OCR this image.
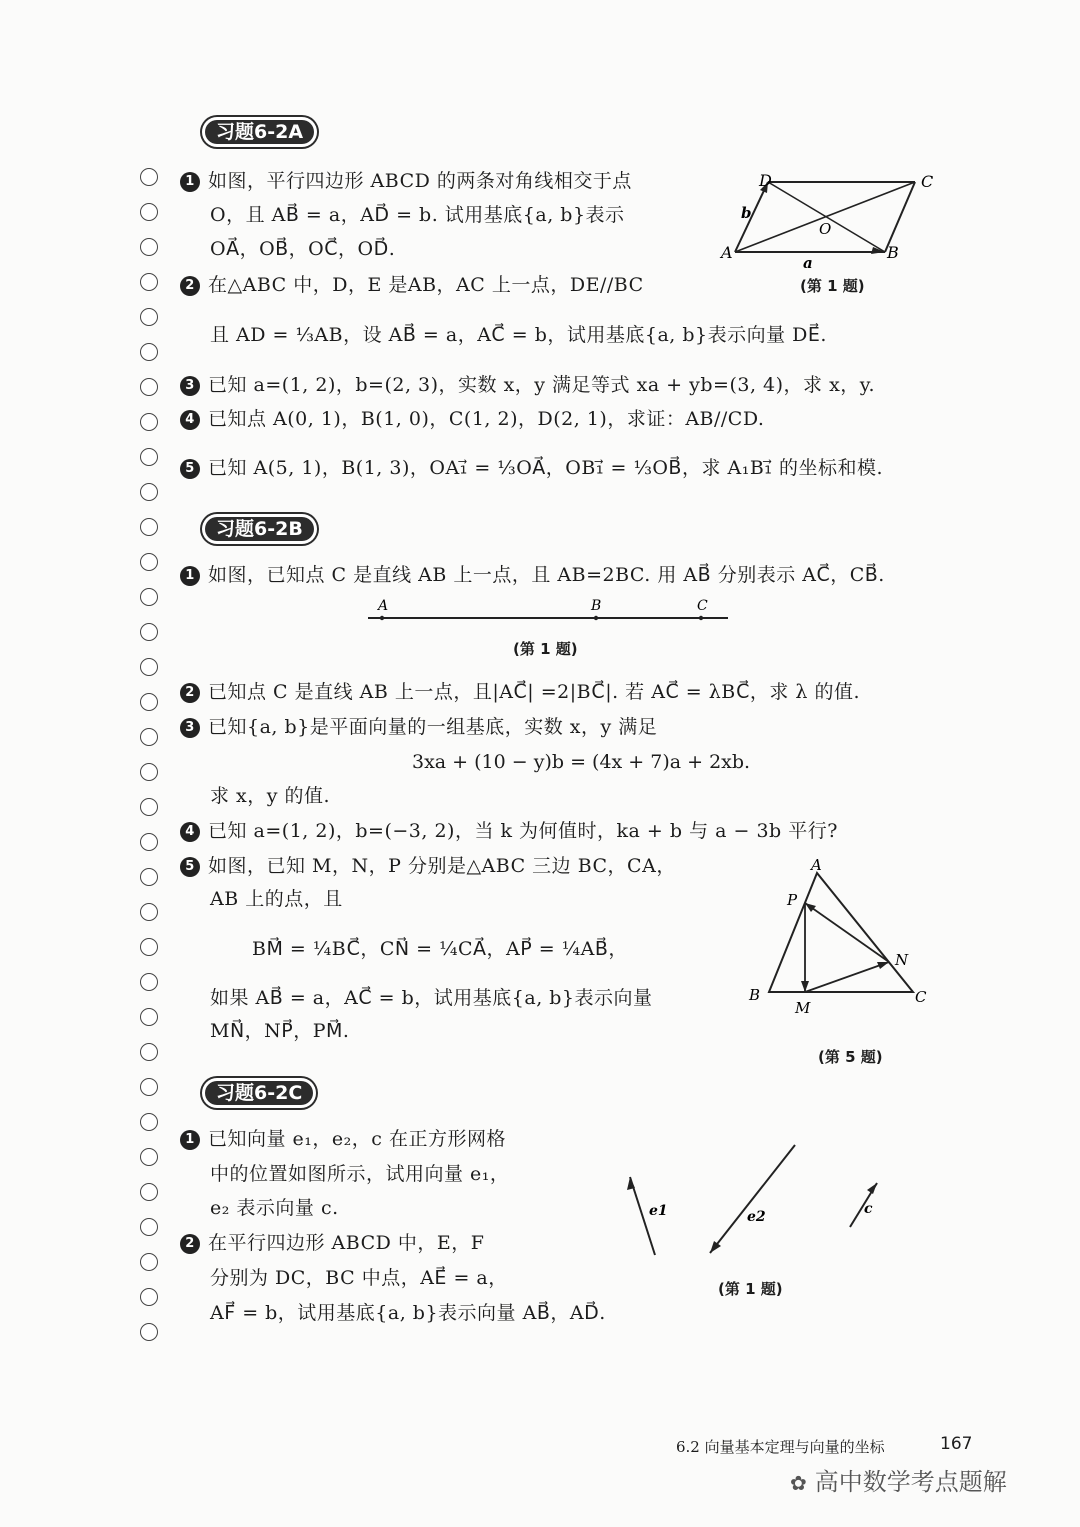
习题6-2A
1 如图，平行四边形 ABCD 的两条对角线相交于点
O，且 AB⃗ = a，AD⃗ = b. 试用基底{a, b}表示
OA⃗，OB⃗，OC⃗，OD⃗.
D	C
A	B
O
a
b
(第 1 题)
2 在△ABC 中，D，E 是AB，AC 上一点，DE//BC
且 AD = ⅓AB，设 AB⃗ = a，AC⃗ = b，试用基底{a, b}表示向量 DE⃗.
3 已知 a=(1, 2)，b=(2, 3)，实数 x，y 满足等式 xa + yb=(3, 4)，求 x，y.
4 已知点 A(0, 1)，B(1, 0)，C(1, 2)，D(2, 1)，求证：AB//CD.
5 已知 A(5, 1)，B(1, 3)，OA₁⃗ = ⅓OA⃗，OB₁⃗ = ⅓OB⃗，求 A₁B₁⃗ 的坐标和模.
习题6-2B
1 如图，已知点 C 是直线 AB 上一点，且 AB=2BC. 用 AB⃗ 分别表示 AC⃗，CB⃗.
A	B	C
(第 1 题)
2 已知点 C 是直线 AB 上一点，且|AC⃗| =2|BC⃗|. 若 AC⃗ = λBC⃗，求 λ 的值.
3 已知{a, b}是平面向量的一组基底，实数 x，y 满足
3xa + (10 − y)b = (4x + 7)a + 2xb.
求 x，y 的值.
4 已知 a=(1, 2)，b=(−3, 2)，当 k 为何值时，ka + b 与 a − 3b 平行?
5 如图，已知 M，N，P 分别是△ABC 三边 BC，CA，
AB 上的点，且
BM⃗ = ¼BC⃗，CN⃗ = ¼CA⃗，AP⃗ = ¼AB⃗，
如果 AB⃗ = a，AC⃗ = b，试用基底{a, b}表示向量
MN⃗，NP⃗，PM⃗.
A
B	C
M
N
P
(第 5 题)
习题6-2C
1 已知向量 e₁，e₂，c 在正方形网格
中的位置如图所示，试用向量 e₁，
e₂ 表示向量 c.	e1	e2	c
(第 1 题)
2 在平行四边形 ABCD 中，E，F
分别为 DC，BC 中点，AE⃗ = a，
AF⃗ = b，试用基底{a, b}表示向量 AB⃗，AD⃗.
6.2 向量基本定理与向量的坐标	167
✿ 高中数学考点题解
